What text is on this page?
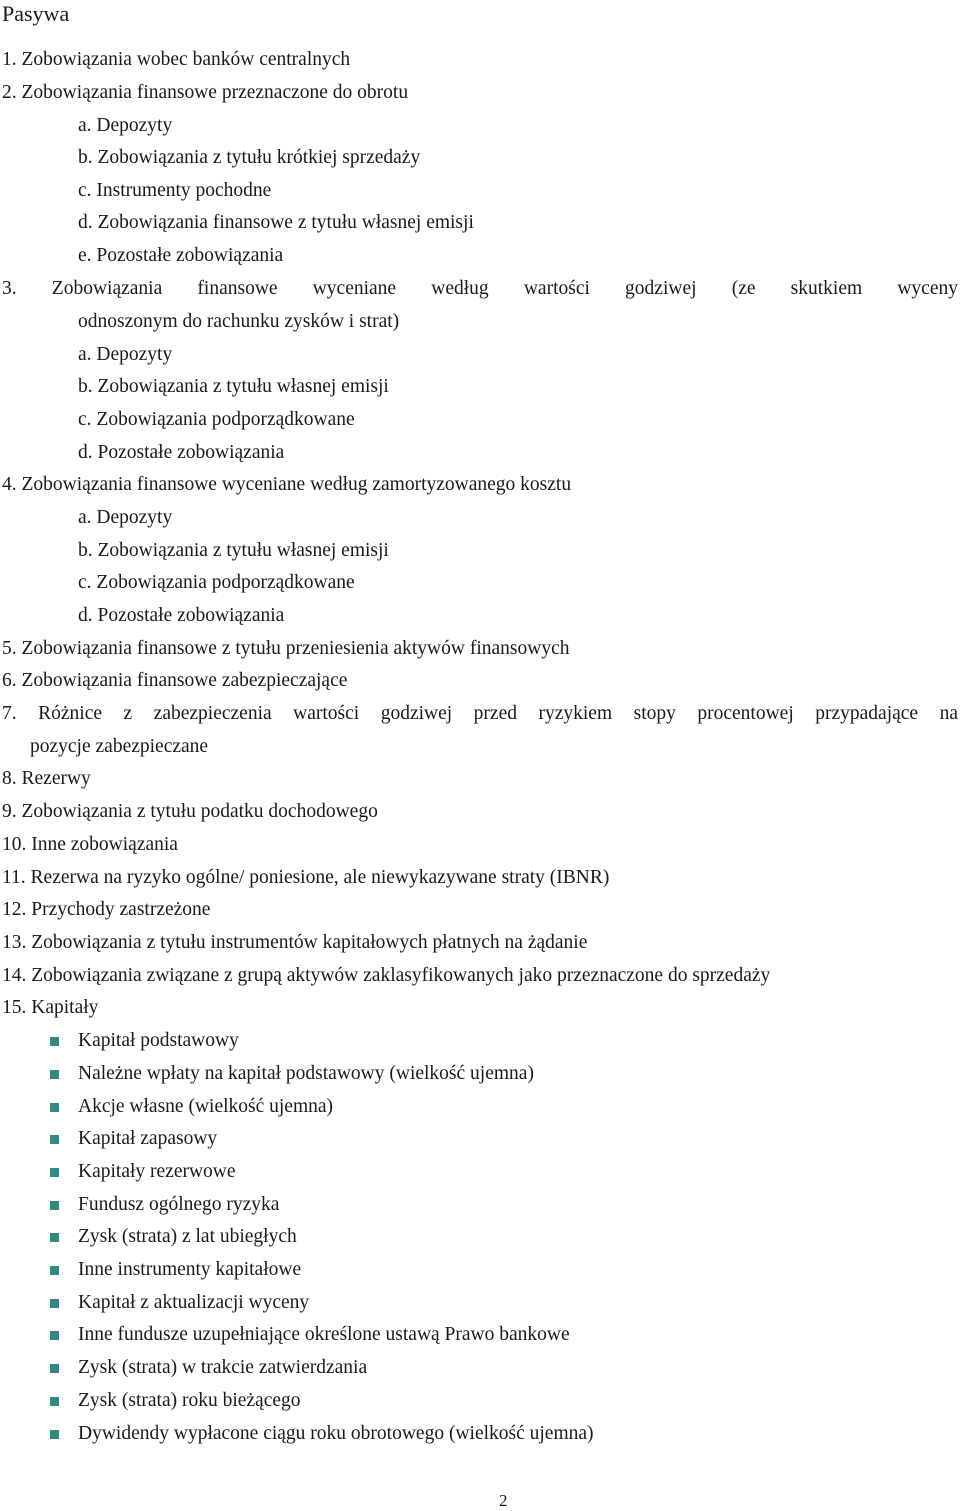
Pasywa
1. Zobowiązania wobec banków centralnych
2. Zobowiązania finansowe przeznaczone do obrotu
a. Depozyty
b. Zobowiązania z tytułu krótkiej sprzedaży
c. Instrumenty pochodne
d. Zobowiązania finansowe z tytułu własnej emisji
e. Pozostałe zobowiązania
3. Zobowiązania finansowe wyceniane według wartości godziwej (ze skutkiem wyceny
odnoszonym do rachunku zysków i strat)
a. Depozyty
b. Zobowiązania z tytułu własnej emisji
c. Zobowiązania podporządkowane
d. Pozostałe zobowiązania
4. Zobowiązania finansowe wyceniane według zamortyzowanego kosztu
a. Depozyty
b. Zobowiązania z tytułu własnej emisji
c. Zobowiązania podporządkowane
d. Pozostałe zobowiązania
5. Zobowiązania finansowe z tytułu przeniesienia aktywów finansowych
6. Zobowiązania finansowe zabezpieczające
7. Różnice z zabezpieczenia wartości godziwej przed ryzykiem stopy procentowej przypadające na
pozycje zabezpieczane
8. Rezerwy
9. Zobowiązania z tytułu podatku dochodowego
10. Inne zobowiązania
11. Rezerwa na ryzyko ogólne/ poniesione, ale niewykazywane straty (IBNR)
12. Przychody zastrzeżone
13. Zobowiązania z tytułu instrumentów kapitałowych płatnych na żądanie
14. Zobowiązania związane z grupą aktywów zaklasyfikowanych jako przeznaczone do sprzedaży
15. Kapitały
Kapitał podstawowy
Należne wpłaty na kapitał podstawowy (wielkość ujemna)
Akcje własne (wielkość ujemna)
Kapitał zapasowy
Kapitały rezerwowe
Fundusz ogólnego ryzyka
Zysk (strata) z lat ubiegłych
Inne instrumenty kapitałowe
Kapitał z aktualizacji wyceny
Inne fundusze uzupełniające określone ustawą Prawo bankowe
Zysk (strata) w trakcie zatwierdzania
Zysk (strata) roku bieżącego
Dywidendy wypłacone ciągu roku obrotowego (wielkość ujemna)
2
